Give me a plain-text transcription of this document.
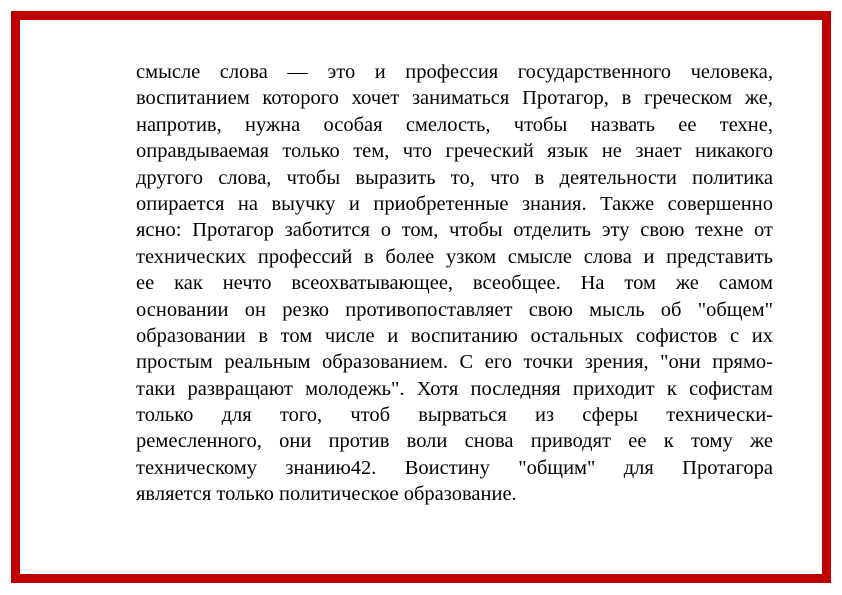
смысле слова — это и профессия государственного человека,
воспитанием которого хочет заниматься Протагор, в греческом же,
напротив, нужна особая смелость, чтобы назвать ее техне,
оправдываемая только тем, что греческий язык не знает никакого
другого слова, чтобы выразить то, что в деятельности политика
опирается на выучку и приобретенные знания. Также совершенно
ясно: Протагор заботится о том, чтобы отделить эту свою техне от
технических профессий в более узком смысле слова и представить
ее как нечто всеохватывающее, всеобщее. На том же самом
основании он резко противопоставляет свою мысль об "общем"
образовании в том числе и воспитанию остальных софистов с их
простым реальным образованием. С его точки зрения, "они прямо-
таки развращают молодежь". Хотя последняя приходит к софистам
только для того, чтоб вырваться из сферы технически-
ремесленного, они против воли снова приводят ее к тому же
техническому знанию42. Воистину "общим" для Протагора
является только политическое образование.
